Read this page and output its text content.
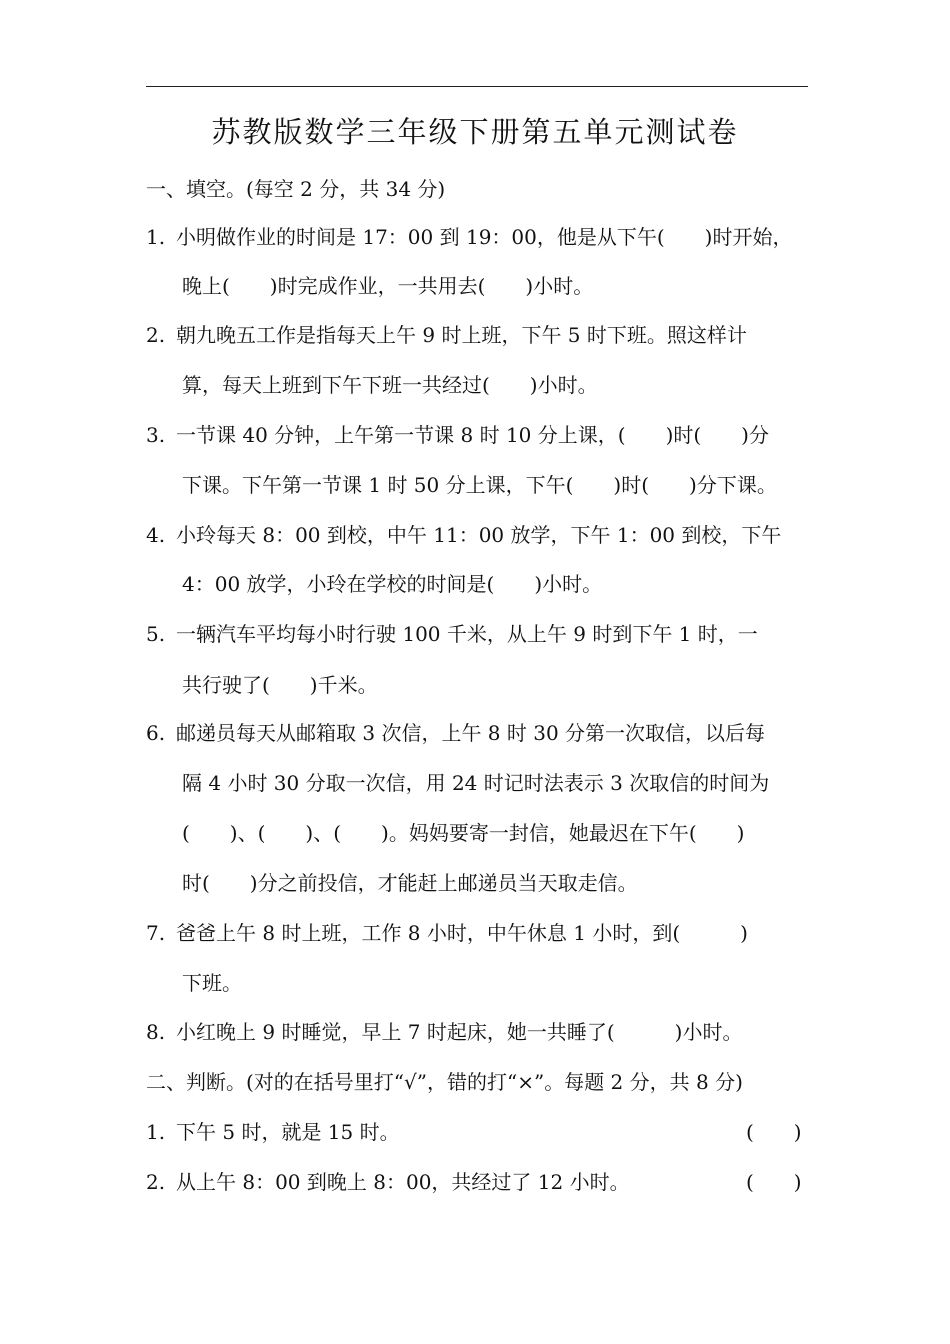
苏教版数学三年级下册第五单元测试卷
一、填空。(每空 2 分，共 34 分)
1. 小明做作业的时间是 17：00 到 19：00，他是从下午(　　)时开始，
晚上(　　)时完成作业，一共用去(　　)小时。
2. 朝九晚五工作是指每天上午 9 时上班，下午 5 时下班。照这样计
算，每天上班到下午下班一共经过(　　)小时。
3. 一节课 40 分钟，上午第一节课 8 时 10 分上课，(　　)时(　　)分
下课。下午第一节课 1 时 50 分上课，下午(　　)时(　　)分下课。
4. 小玲每天 8：00 到校，中午 11：00 放学，下午 1：00 到校，下午
4：00 放学，小玲在学校的时间是(　　)小时。
5. 一辆汽车平均每小时行驶 100 千米，从上午 9 时到下午 1 时，一
共行驶了(　　)千米。
6. 邮递员每天从邮箱取 3 次信，上午 8 时 30 分第一次取信，以后每
隔 4 小时 30 分取一次信，用 24 时记时法表示 3 次取信的时间为
(　　)、(　　)、(　　)。妈妈要寄一封信，她最迟在下午(　　)
时(　　)分之前投信，才能赶上邮递员当天取走信。
7. 爸爸上午 8 时上班，工作 8 小时，中午休息 1 小时，到(　　　)
下班。
8. 小红晚上 9 时睡觉，早上 7 时起床，她一共睡了(　　　)小时。
二、判断。(对的在括号里打“√”，错的打“×”。每题 2 分，共 8 分)
1. 下午 5 时，就是 15 时。	(　　)
2. 从上午 8：00 到晚上 8：00，共经过了 12 小时。	(　　)
